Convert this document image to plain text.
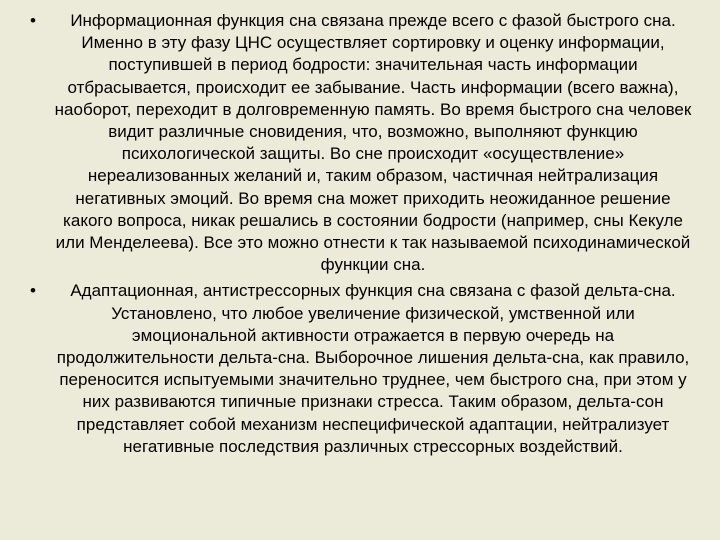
•	Информационная функция сна связана прежде всего с фазой быстрого сна. Именно в эту фазу ЦНС осуществляет сортировку и оценку информации, поступившей в период бодрости: значительная часть информации отбрасывается, происходит ее забывание. Часть информации (всего важна), наоборот, переходит в долговременную память. Во время быстрого сна человек видит различные сновидения, что, возможно, выполняют функцию психологической защиты. Во сне происходит «осуществление» нереализованных желаний и, таким образом, частичная нейтрализация негативных эмоций. Во время сна может приходить неожиданное решение какого вопроса, никак решались в состоянии бодрости (например, сны Кекуле или Менделеева). Все это можно отнести к так называемой психодинамической функции сна.
•	Адаптационная, антистрессорных функция сна связана с фазой дельта-сна. Установлено, что любое увеличение физической, умственной или эмоциональной активности отражается в первую очередь на продолжительности дельта-сна. Выборочное лишения дельта-сна, как правило, переносится испытуемыми значительно труднее, чем быстрого сна, при этом у них развиваются типичные признаки стресса. Таким образом, дельта-сон представляет собой механизм неспецифической адаптации, нейтрализует негативные последствия различных стрессорных воздействий.
